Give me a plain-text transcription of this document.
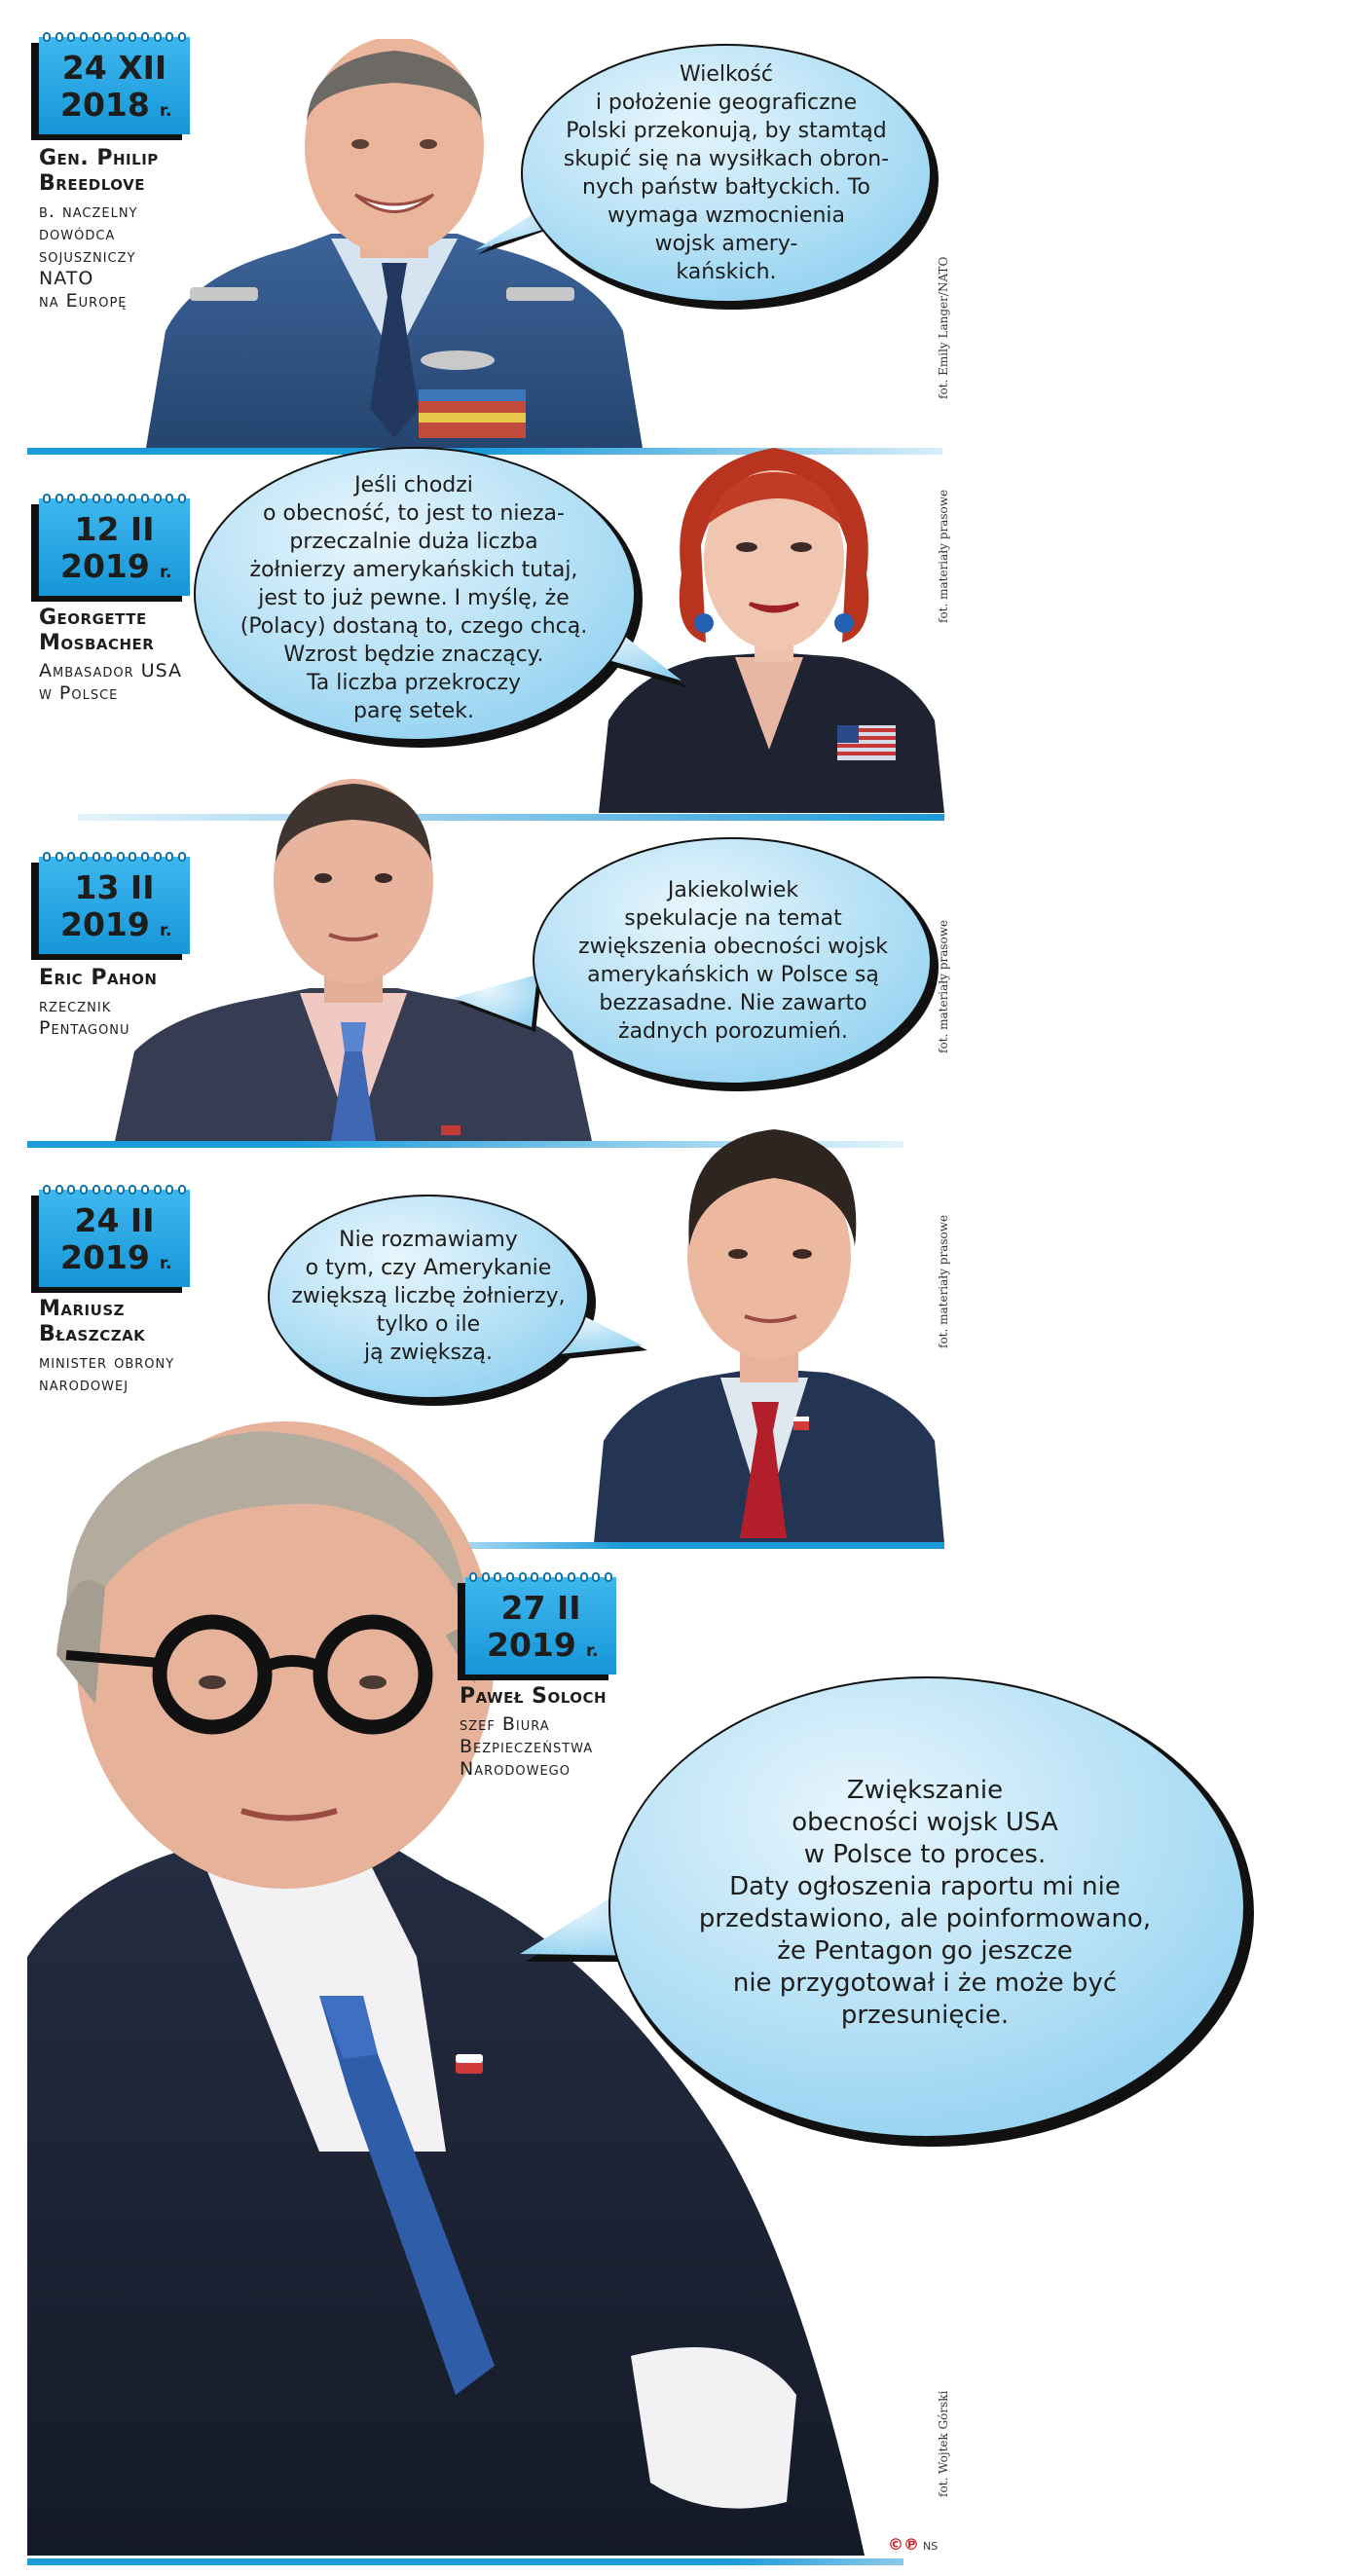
24 XII
2018 r.
Gen. Philip
Breedlove
b. naczelny
dowódca
sojuszniczy
NATO
na Europę
Wielkość
i położenie geograficzne
Polski przekonują, by stamtąd
skupić się na wysiłkach obron-
nych państw bałtyckich. To
wymaga wzmocnienia
wojsk amery-
kańskich.	fot. Emily Langer/NATO
12 II
2019 r.
Georgette
Mosbacher
Ambasador USA
w Polsce
Jeśli chodzi
o obecność, to jest to nieza-
przeczalnie duża liczba
żołnierzy amerykańskich tutaj,
jest to już pewne. I myślę, że
(Polacy) dostaną to, czego chcą.
Wzrost będzie znaczący.
Ta liczba przekroczy
parę setek.
fot. materiały prasowe
13 II
2019 r.
Eric Pahon
rzecznik
Pentagonu
Jakiekolwiek
spekulacje na temat
zwiększenia obecności wojsk
amerykańskich w Polsce są
bezzasadne. Nie zawarto
żadnych porozumień.	fot. materiały prasowe
24 II
2019 r.
Mariusz
Błaszczak
minister obrony
narodowej
Nie rozmawiamy
o tym, czy Amerykanie
zwiększą liczbę żołnierzy,
tylko o ile
ją zwiększą.
fot. materiały prasowe
27 II
2019 r.
Paweł Soloch
szef Biura
Bezpieczeństwa
Narodowego
Zwiększanie
obecności wojsk USA
w Polsce to proces.
Daty ogłoszenia raportu mi nie
przedstawiono, ale poinformowano,
że Pentagon go jeszcze
nie przygotował i że może być
przesunięcie.
fot. Wojtek Górski
©℗ NS
